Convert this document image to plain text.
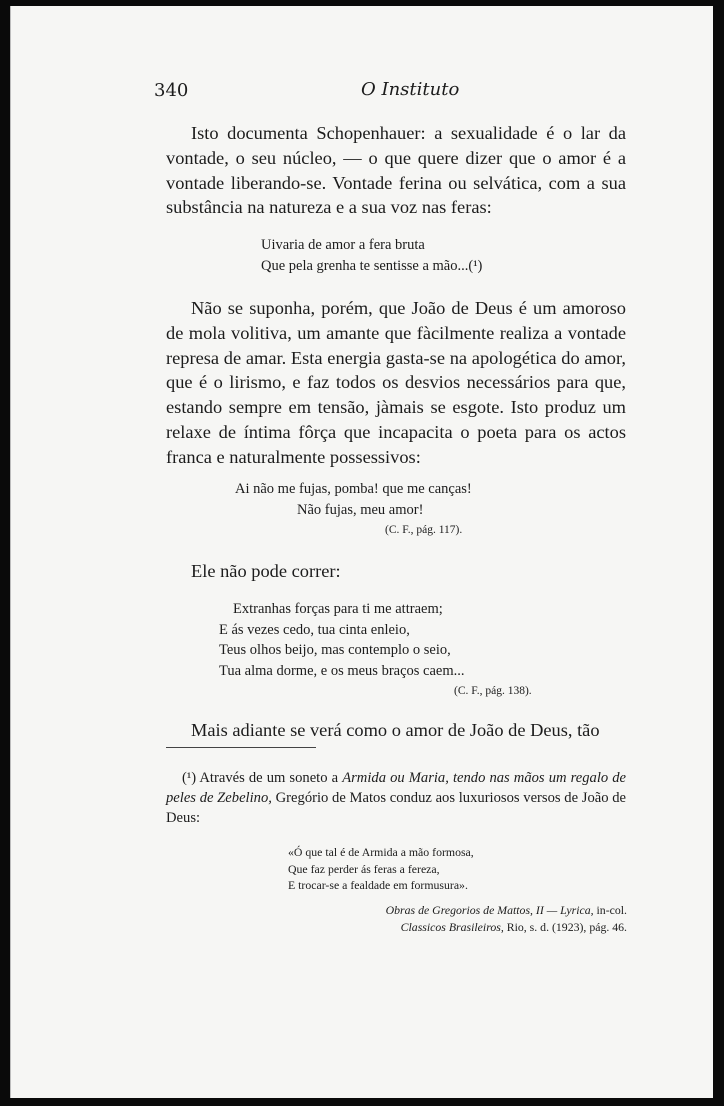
340	O Instituto

Isto documenta Schopenhauer: a sexualidade é o lar da vontade, o seu núcleo, — o que quere dizer que o amor é a vontade liberando-se. Vontade ferina ou selvática, com a sua substância na natureza e a sua voz nas feras:

Uivaria de amor a fera bruta
Que pela grenha te sentisse a mão...(¹)

Não se suponha, porém, que João de Deus é um amoroso de mola volitiva, um amante que fàcilmente realiza a vontade represa de amar. Esta energia gasta-se na apologética do amor, que é o lirismo, e faz todos os desvios necessários para que, estando sempre em tensão, jàmais se esgote. Isto produz um relaxe de íntima fôrça que incapacita o poeta para os actos franca e naturalmente possessivos:

Ai não me fujas, pomba! que me canças!
Não fujas, meu amor!
(C. F., pág. 117).

Ele não pode correr:

Extranhas forças para ti me attraem;
E ás vezes cedo, tua cinta enleio,
Teus olhos beijo, mas contemplo o seio,
Tua alma dorme, e os meus braços caem...
(C. F., pág. 138).

Mais adiante se verá como o amor de João de Deus, tão

(¹) Através de um soneto a Armida ou Maria, tendo nas mãos um regalo de peles de Zebelino, Gregório de Matos conduz aos luxuriosos versos de João de Deus:

«Ó que tal é de Armida a mão formosa,
Que faz perder ás feras a fereza,
E trocar-se a fealdade em formusura».
Obras de Gregorios de Mattos, II — Lyrica, in-col.
Classicos Brasileiros, Rio, s. d. (1923), pág. 46.
